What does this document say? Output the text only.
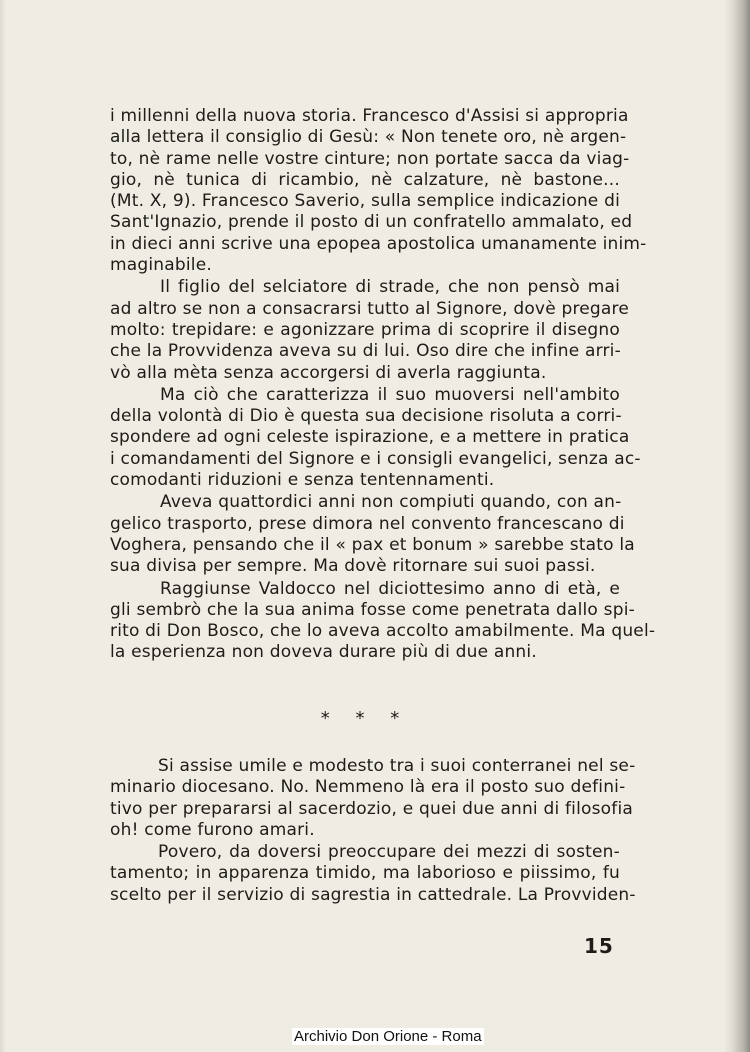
i millenni della nuova storia. Francesco d'Assisi si appropria
alla lettera il consiglio di Gesù: « Non tenete oro, nè argen-
to, nè rame nelle vostre cinture; non portate sacca da viag-
gio, nè tunica di ricambio, nè calzature, nè bastone...
(Mt. X, 9). Francesco Saverio, sulla semplice indicazione di
Sant'Ignazio, prende il posto di un confratello ammalato, ed
in dieci anni scrive una epopea apostolica umanamente inim-
maginabile.
Il figlio del selciatore di strade, che non pensò mai
ad altro se non a consacrarsi tutto al Signore, dovè pregare
molto: trepidare: e agonizzare prima di scoprire il disegno
che la Provvidenza aveva su di lui. Oso dire che infine arri-
vò alla mèta senza accorgersi di averla raggiunta.
Ma ciò che caratterizza il suo muoversi nell'ambito
della volontà di Dio è questa sua decisione risoluta a corri-
spondere ad ogni celeste ispirazione, e a mettere in pratica
i comandamenti del Signore e i consigli evangelici, senza ac-
comodanti riduzioni e senza tentennamenti.
Aveva quattordici anni non compiuti quando, con an-
gelico trasporto, prese dimora nel convento francescano di
Voghera, pensando che il « pax et bonum » sarebbe stato la
sua divisa per sempre. Ma dovè ritornare sui suoi passi.
Raggiunse Valdocco nel diciottesimo anno di età, e
gli sembrò che la sua anima fosse come penetrata dallo spi-
rito di Don Bosco, che lo aveva accolto amabilmente. Ma quel-
la esperienza non doveva durare più di due anni.
* * *
Si assise umile e modesto tra i suoi conterranei nel se-
minario diocesano. No. Nemmeno là era il posto suo defini-
tivo per prepararsi al sacerdozio, e quei due anni di filosofia
oh! come furono amari.
Povero, da doversi preoccupare dei mezzi di sosten-
tamento; in apparenza timido, ma laborioso e piissimo, fu
scelto per il servizio di sagrestia in cattedrale. La Provviden-
15
Archivio Don Orione - Roma
